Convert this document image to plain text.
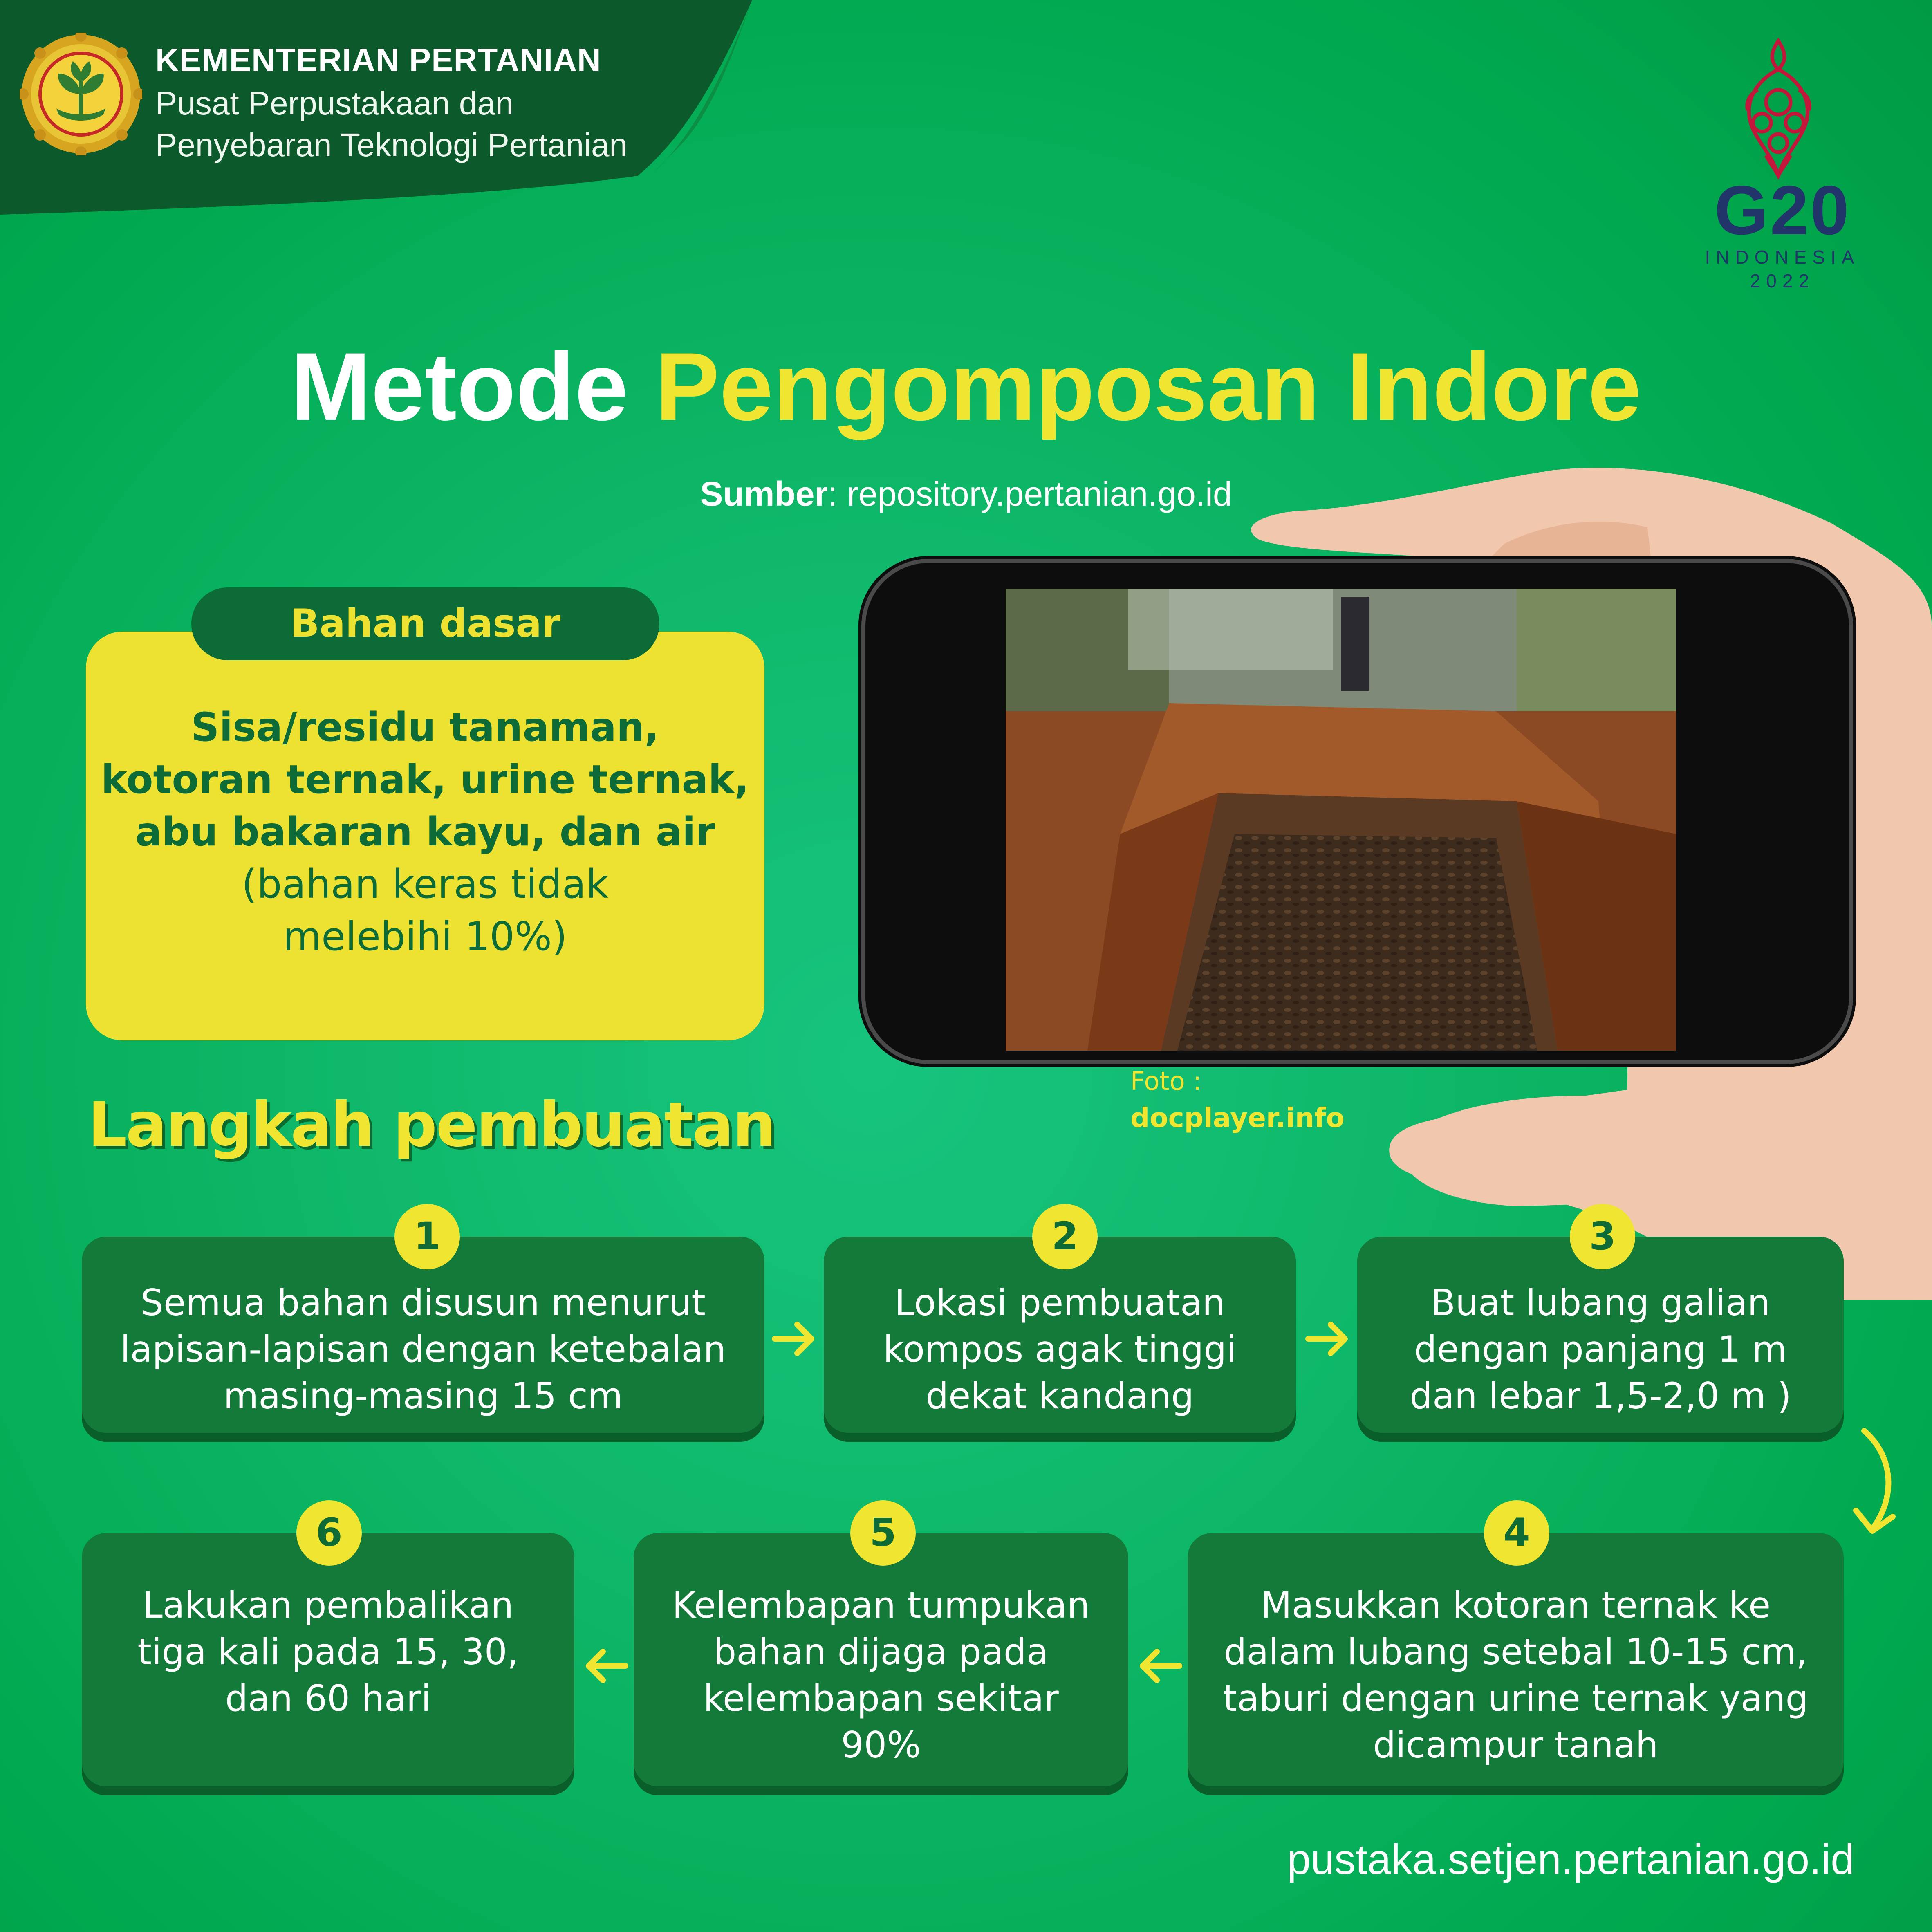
KEMENTERIAN PERTANIAN
Pusat Perpustakaan dan
Penyebaran Teknologi Pertanian
G20
INDONESIA
2022
Metode Pengomposan Indore
Sumber: repository.pertanian.go.id
Bahan dasar
Sisa/residu tanaman,
kotoran ternak, urine ternak,
abu bakaran kayu, dan air
(bahan keras tidak
melebihi 10%)
Foto :
docplayer.info
Langkah pembuatan
Semua bahan disusun menurut
lapisan-lapisan dengan ketebalan
masing-masing 15 cm
1
Lokasi pembuatan
kompos agak tinggi
dekat kandang
2
Buat lubang galian
dengan panjang 1 m
dan lebar 1,5-2,0 m )
3
Masukkan kotoran ternak ke
dalam lubang setebal 10-15 cm,
taburi dengan urine ternak yang
dicampur tanah
4
Kelembapan tumpukan
bahan dijaga pada
kelembapan sekitar
90%
5
Lakukan pembalikan
tiga kali pada 15, 30,
dan 60 hari
6
pustaka.setjen.pertanian.go.id
